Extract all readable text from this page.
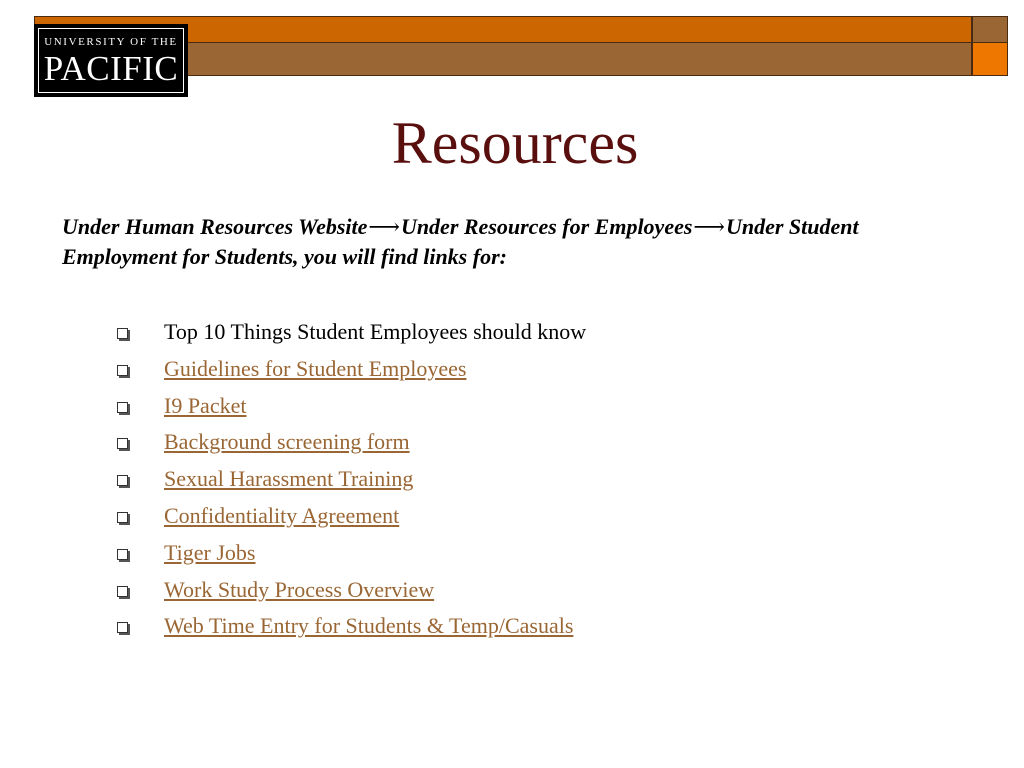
UNIVERSITY OF THE
PACIFIC
Resources
Under Human Resources Website⟶Under Resources for Employees⟶Under Student Employment for Students, you will find links for:
Top 10 Things Student Employees should know
Guidelines for Student Employees
I9 Packet
Background screening form
Sexual Harassment Training
Confidentiality Agreement
Tiger Jobs
Work Study Process Overview
Web Time Entry for Students & Temp/Casuals
